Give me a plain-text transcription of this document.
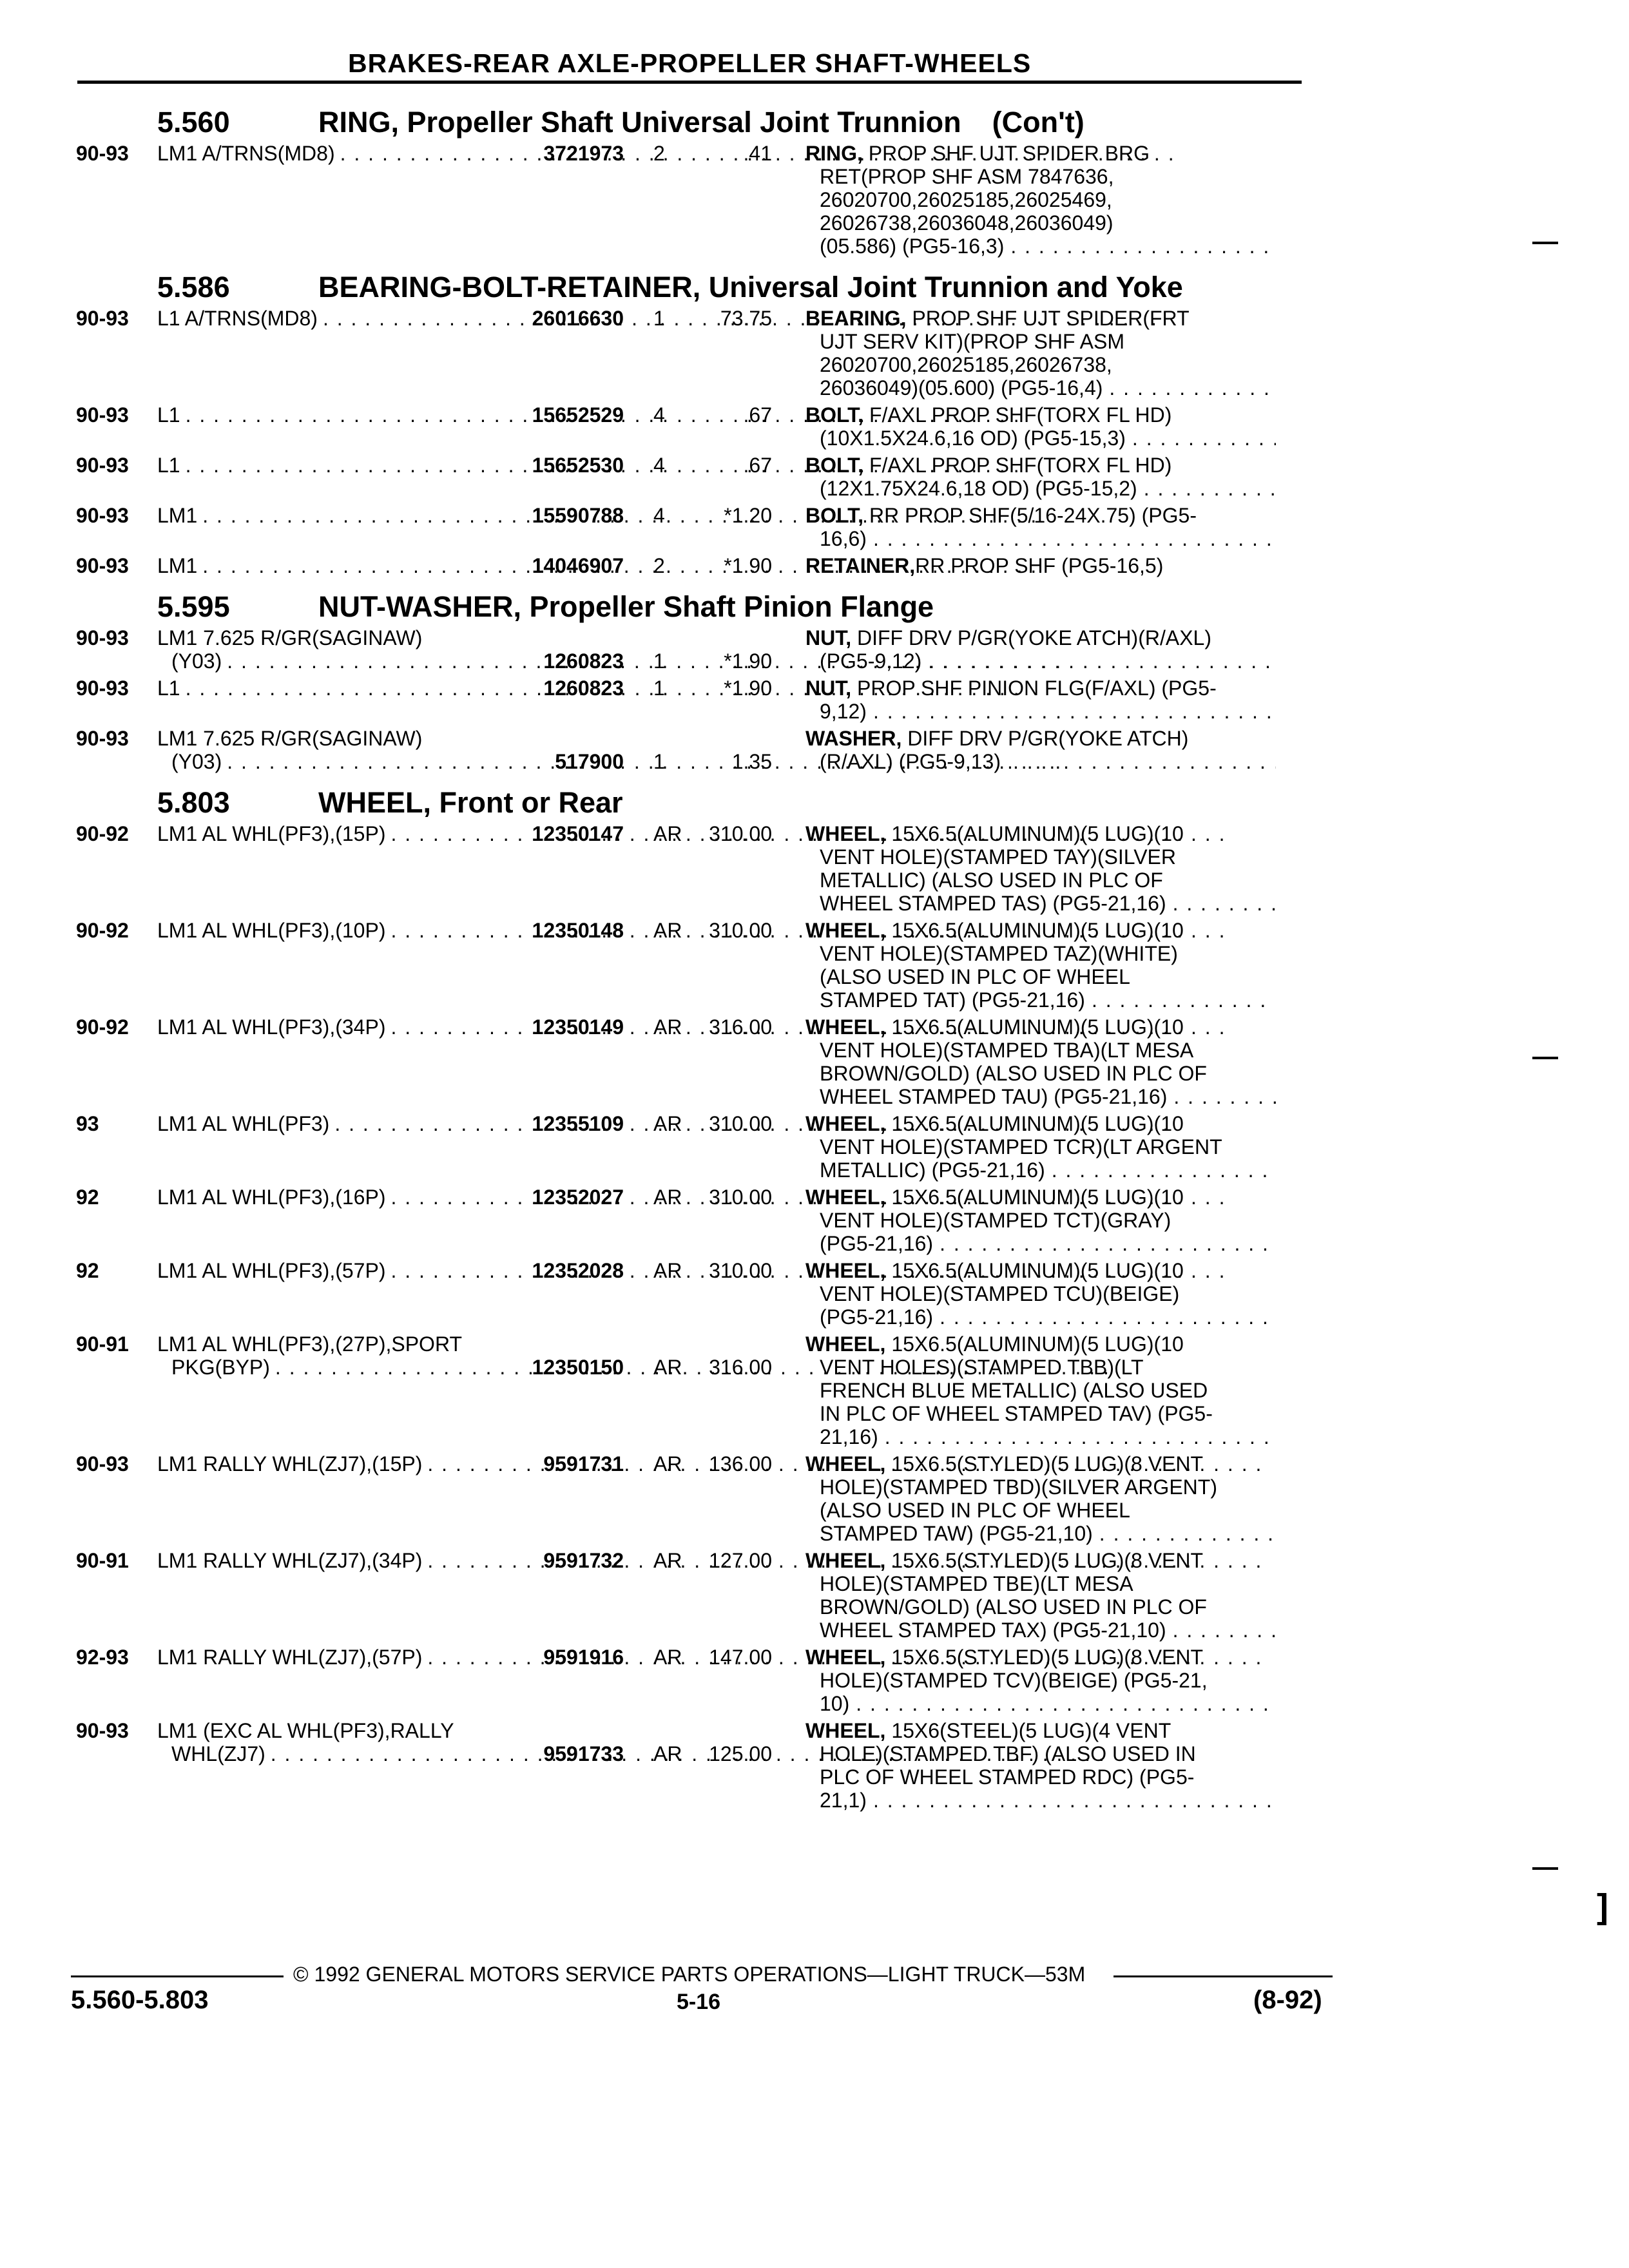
BRAKES-REAR AXLE-PROPELLER SHAFT-WHEELS
5.560	RING, Propeller Shaft Universal Joint Trunnion (Con't)
90-93	LM1 A/TRNS(MD8) . . .	3721973	2	.41 RING, PROP SHF UJT SPIDER BRG
RET(PROP SHF ASM 7847636,
26020700,26025185,26025469,
26026738,26036048,26036049)
(05.586) (PG5-16,3)
. . .
5.586	BEARING-BOLT-RETAINER, Universal Joint Trunnion and Yoke
90-93	L1 A/TRNS(MD8) . . .	26016630	1	73.75 BEARING, PROP SHF UJT SPIDER(FRT
UJT SERV KIT)(PROP SHF ASM
26020700,26025185,26026738,
26036049)(05.600) (PG5-16,4)
. . .
90-93	L1 . . .	15652529	4	.67 BOLT, F/AXL PROP SHF(TORX FL HD)
(10X1.5X24.6,16 OD) (PG5-15,3)
. . .
90-93	L1 . . .	15652530	4	.67 BOLT, F/AXL PROP SHF(TORX FL HD)
(12X1.75X24.6,18 OD) (PG5-15,2)
. . .
90-93	LM1 . . .	15590788	4	*1.20 BOLT, RR PROP SHF(5/16-24X.75) (PG5-
16,6)
. . .
90-93	LM1 . . .	14046907	2	*1.90 RETAINER, RR PROP SHF (PG5-16,5)
5.595	NUT-WASHER, Propeller Shaft Pinion Flange
90-93	LM1 7.625 R/GR(SAGINAW)
(Y03) . . .	1260823	1	*1.90
NUT, DIFF DRV P/GR(YOKE ATCH)(R/AXL)
(PG5-9,12)
. . .
90-93	L1 . . .	1260823	1	*1.90 NUT, PROP SHF PINION FLG(F/AXL) (PG5-
9,12)
. . .
90-93	LM1 7.625 R/GR(SAGINAW)
(Y03) . . .	517900	1	1.35
WASHER, DIFF DRV P/GR(YOKE ATCH)
(R/AXL) (PG5-9,13)
. . .
5.803	WHEEL, Front or Rear
90-92	LM1 AL WHL(PF3),(15P) . . .	12350147	AR	310.00 WHEEL, 15X6.5(ALUMINUM)(5 LUG)(10
VENT HOLE)(STAMPED TAY)(SILVER
METALLIC) (ALSO USED IN PLC OF
WHEEL STAMPED TAS) (PG5-21,16)
. . .
90-92	LM1 AL WHL(PF3),(10P) . . .	12350148	AR	310.00 WHEEL, 15X6.5(ALUMINUM)(5 LUG)(10
VENT HOLE)(STAMPED TAZ)(WHITE)
(ALSO USED IN PLC OF WHEEL
STAMPED TAT) (PG5-21,16)
. . .
90-92	LM1 AL WHL(PF3),(34P) . . .	12350149	AR	316.00 WHEEL, 15X6.5(ALUMINUM)(5 LUG)(10
VENT HOLE)(STAMPED TBA)(LT MESA
BROWN/GOLD) (ALSO USED IN PLC OF
WHEEL STAMPED TAU) (PG5-21,16)
. . .
93	LM1 AL WHL(PF3) . . .	12355109	AR	310.00 WHEEL, 15X6.5(ALUMINUM)(5 LUG)(10
VENT HOLE)(STAMPED TCR)(LT ARGENT
METALLIC) (PG5-21,16)
. . .
92	LM1 AL WHL(PF3),(16P) . . .	12352027	AR	310.00 WHEEL, 15X6.5(ALUMINUM)(5 LUG)(10
VENT HOLE)(STAMPED TCT)(GRAY)
(PG5-21,16)
. . .
92	LM1 AL WHL(PF3),(57P) . . .	12352028	AR	310.00 WHEEL, 15X6.5(ALUMINUM)(5 LUG)(10
VENT HOLE)(STAMPED TCU)(BEIGE)
(PG5-21,16)
. . .
90-91	LM1 AL WHL(PF3),(27P),SPORT
PKG(BYP) . . .	12350150	AR	316.00
WHEEL, 15X6.5(ALUMINUM)(5 LUG)(10
VENT HOLES)(STAMPED TBB)(LT
FRENCH BLUE METALLIC) (ALSO USED
IN PLC OF WHEEL STAMPED TAV) (PG5-
21,16)
. . .
90-93	LM1 RALLY WHL(ZJ7),(15P) . . .	9591731	AR	136.00 WHEEL, 15X6.5(STYLED)(5 LUG)(8 VENT
HOLE)(STAMPED TBD)(SILVER ARGENT)
(ALSO USED IN PLC OF WHEEL
STAMPED TAW) (PG5-21,10)
. . .
90-91	LM1 RALLY WHL(ZJ7),(34P) . . .	9591732	AR	127.00 WHEEL, 15X6.5(STYLED)(5 LUG)(8 VENT
HOLE)(STAMPED TBE)(LT MESA
BROWN/GOLD) (ALSO USED IN PLC OF
WHEEL STAMPED TAX) (PG5-21,10)
. . .
92-93	LM1 RALLY WHL(ZJ7),(57P) . . .	9591916	AR	147.00 WHEEL, 15X6.5(STYLED)(5 LUG)(8 VENT
HOLE)(STAMPED TCV)(BEIGE) (PG5-21,
10)
. . .
90-93	LM1 (EXC AL WHL(PF3),RALLY
WHL(ZJ7) . . .	9591733	AR	125.00
WHEEL, 15X6(STEEL)(5 LUG)(4 VENT
HOLE)(STAMPED TBF) (ALSO USED IN
PLC OF WHEEL STAMPED RDC) (PG5-
21,1)
. . .
© 1992 GENERAL MOTORS SERVICE PARTS OPERATIONS—LIGHT TRUCK—53M
5.560-5.803	5-16	(8-92)
]
